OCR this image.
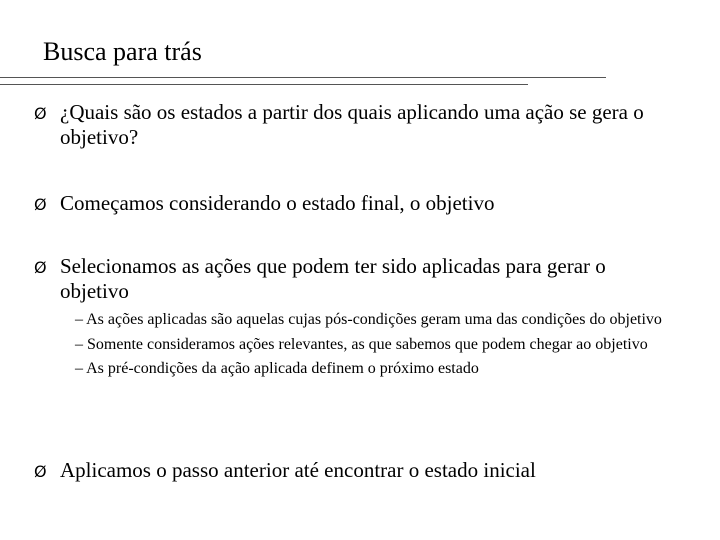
Busca para trás
Ø ¿Quais são os estados a partir dos quais aplicando uma ação se gera o objetivo?
Ø Começamos considerando o estado final, o objetivo
Ø Selecionamos as ações que podem ter sido aplicadas para gerar o objetivo
– As ações aplicadas são aquelas cujas pós-condições geram uma das condições do objetivo
– Somente consideramos ações relevantes, as que sabemos que podem chegar ao objetivo
– As pré-condições da ação aplicada definem o próximo estado
Ø Aplicamos o passo anterior até encontrar o estado inicial
